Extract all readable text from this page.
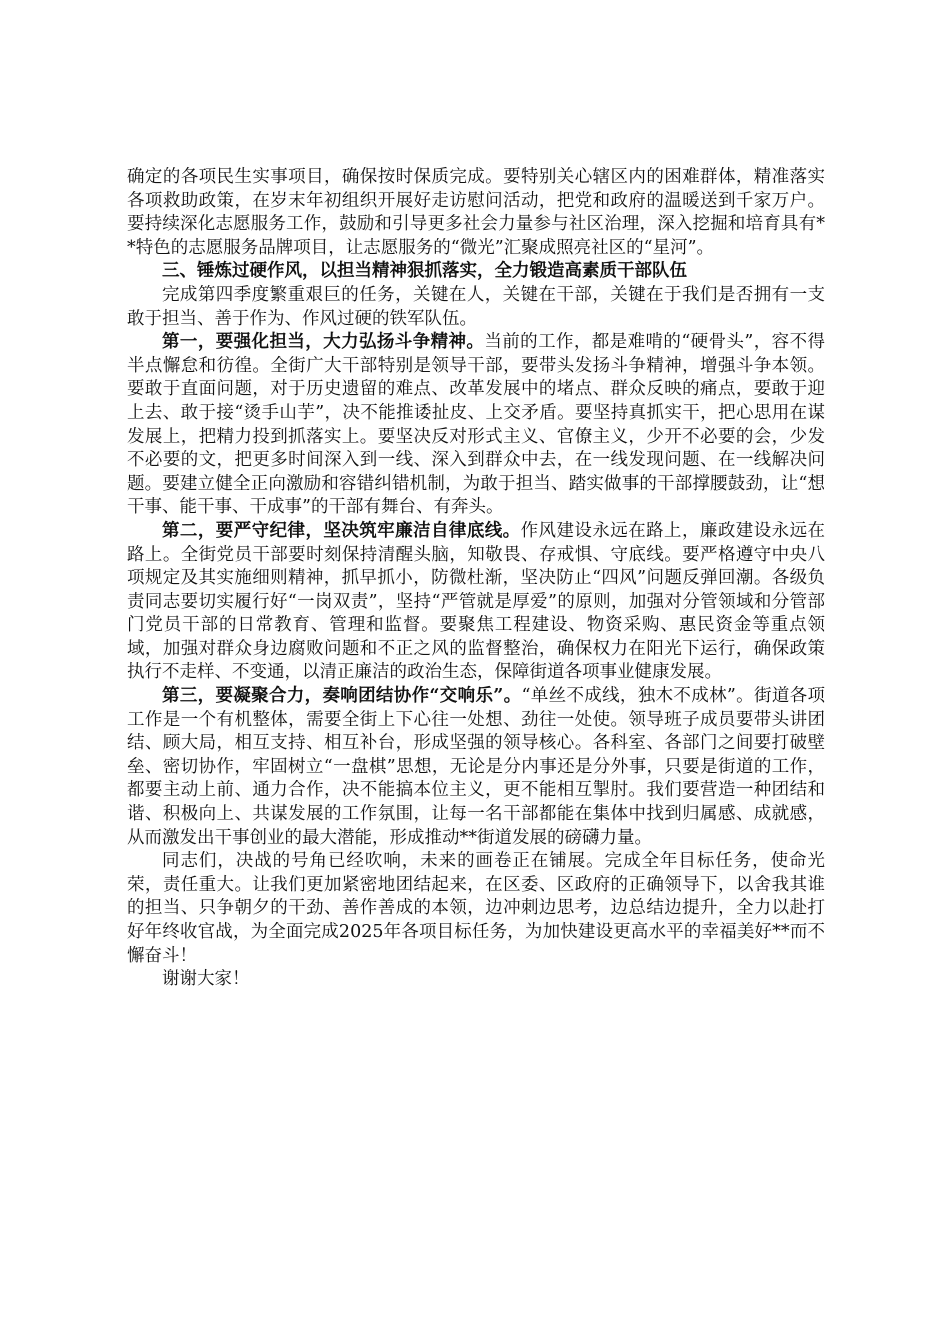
确定的各项民生实事项目，确保按时保质完成。要特别关心辖区内的困难群体，精准落实各项救助政策，在岁末年初组织开展好走访慰问活动，把党和政府的温暖送到千家万户。要持续深化志愿服务工作，鼓励和引导更多社会力量参与社区治理，深入挖掘和培育具有**特色的志愿服务品牌项目，让志愿服务的“微光”汇聚成照亮社区的“星河”。

三、锤炼过硬作风，以担当精神狠抓落实，全力锻造高素质干部队伍

完成第四季度繁重艰巨的任务，关键在人，关键在干部，关键在于我们是否拥有一支敢于担当、善于作为、作风过硬的铁军队伍。

第一，要强化担当，大力弘扬斗争精神。当前的工作，都是难啃的“硬骨头”，容不得半点懈怠和彷徨。全街广大干部特别是领导干部，要带头发扬斗争精神，增强斗争本领。要敢于直面问题，对于历史遗留的难点、改革发展中的堵点、群众反映的痛点，要敢于迎上去、敢于接“烫手山芋”，决不能推诿扯皮、上交矛盾。要坚持真抓实干，把心思用在谋发展上，把精力投到抓落实上。要坚决反对形式主义、官僚主义，少开不必要的会，少发不必要的文，把更多时间深入到一线、深入到群众中去，在一线发现问题、在一线解决问题。要建立健全正向激励和容错纠错机制，为敢于担当、踏实做事的干部撑腰鼓劲，让“想干事、能干事、干成事”的干部有舞台、有奔头。

第二，要严守纪律，坚决筑牢廉洁自律底线。作风建设永远在路上，廉政建设永远在路上。全街党员干部要时刻保持清醒头脑，知敬畏、存戒惧、守底线。要严格遵守中央八项规定及其实施细则精神，抓早抓小，防微杜渐，坚决防止“四风”问题反弹回潮。各级负责同志要切实履行好“一岗双责”，坚持“严管就是厚爱”的原则，加强对分管领域和分管部门党员干部的日常教育、管理和监督。要聚焦工程建设、物资采购、惠民资金等重点领域，加强对群众身边腐败问题和不正之风的监督整治，确保权力在阳光下运行，确保政策执行不走样、不变通，以清正廉洁的政治生态，保障街道各项事业健康发展。

第三，要凝聚合力，奏响团结协作“交响乐”。“单丝不成线，独木不成林”。街道各项工作是一个有机整体，需要全街上下心往一处想、劲往一处使。领导班子成员要带头讲团结、顾大局，相互支持、相互补台，形成坚强的领导核心。各科室、各部门之间要打破壁垒、密切协作，牢固树立“一盘棋”思想，无论是分内事还是分外事，只要是街道的工作，都要主动上前、通力合作，决不能搞本位主义，更不能相互掣肘。我们要营造一种团结和谐、积极向上、共谋发展的工作氛围，让每一名干部都能在集体中找到归属感、成就感，从而激发出干事创业的最大潜能，形成推动**街道发展的磅礴力量。

同志们，决战的号角已经吹响，未来的画卷正在铺展。完成全年目标任务，使命光荣，责任重大。让我们更加紧密地团结起来，在区委、区政府的正确领导下，以舍我其谁的担当、只争朝夕的干劲、善作善成的本领，边冲刺边思考，边总结边提升，全力以赴打好年终收官战，为全面完成2025年各项目标任务，为加快建设更高水平的幸福美好**而不懈奋斗！

谢谢大家！
